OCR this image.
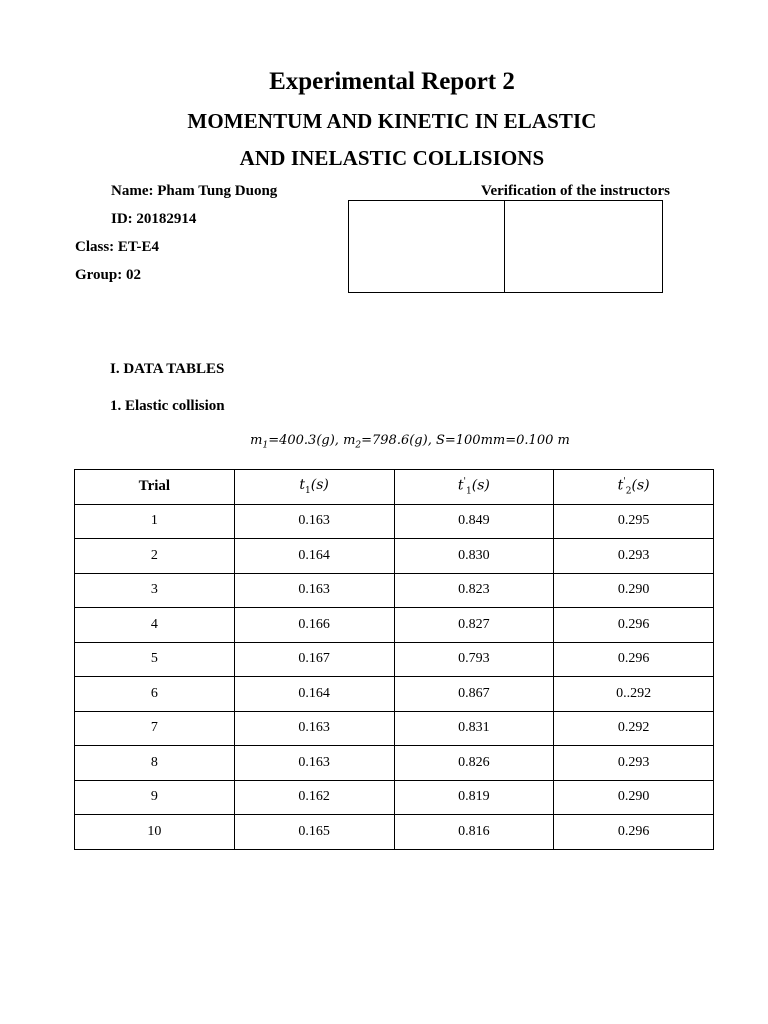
Experimental Report 2
MOMENTUM AND KINETIC IN ELASTIC
AND INELASTIC COLLISIONS
Name: Pham Tung Duong
ID: 20182914
Class: ET-E4
Group: 02
Verification of the instructors
I. DATA TABLES
1. Elastic collision
$m_1=400.3(g)$, $m_2=798.6(g)$, S=100mm=0.100 m
Trial	$t_1(s)$	$t'_1(s)$	$t'_2(s)$
1	0.163	0.849	0.295
2	0.164	0.830	0.293
3	0.163	0.823	0.290
4	0.166	0.827	0.296
5	0.167	0.793	0.296
6	0.164	0.867	0..292
7	0.163	0.831	0.292
8	0.163	0.826	0.293
9	0.162	0.819	0.290
10	0.165	0.816	0.296
